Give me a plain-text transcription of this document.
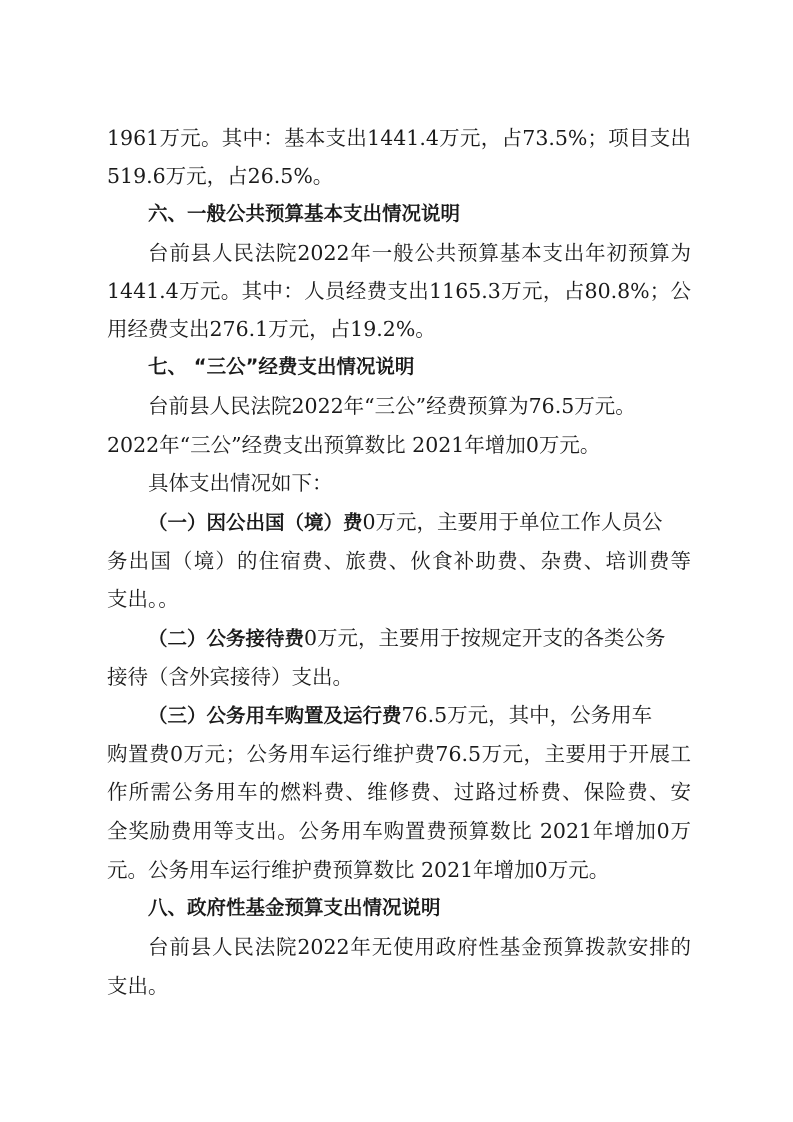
1961万元。其中：基本支出1441.4万元，占73.5%；项目支出
519.6万元，占26.5%。
六、一般公共预算基本支出情况说明
台前县人民法院2022年一般公共预算基本支出年初预算为
1441.4万元。其中：人员经费支出1165.3万元，占80.8%；公
用经费支出276.1万元，占19.2%。
七、 “三公”经费支出情况说明
台前县人民法院2022年“三公”经费预算为76.5万元。
2022年“三公”经费支出预算数比 2021年增加0万元。
具体支出情况如下：
（一）因公出国（境）费0万元，主要用于单位工作人员公
务出国（境）的住宿费、旅费、伙食补助费、杂费、培训费等
支出。。
（二）公务接待费0万元，主要用于按规定开支的各类公务
接待（含外宾接待）支出。
（三）公务用车购置及运行费76.5万元，其中，公务用车
购置费0万元；公务用车运行维护费76.5万元，主要用于开展工
作所需公务用车的燃料费、维修费、过路过桥费、保险费、安
全奖励费用等支出。公务用车购置费预算数比 2021年增加0万
元。公务用车运行维护费预算数比 2021年增加0万元。
八、政府性基金预算支出情况说明
台前县人民法院2022年无使用政府性基金预算拨款安排的
支出。
